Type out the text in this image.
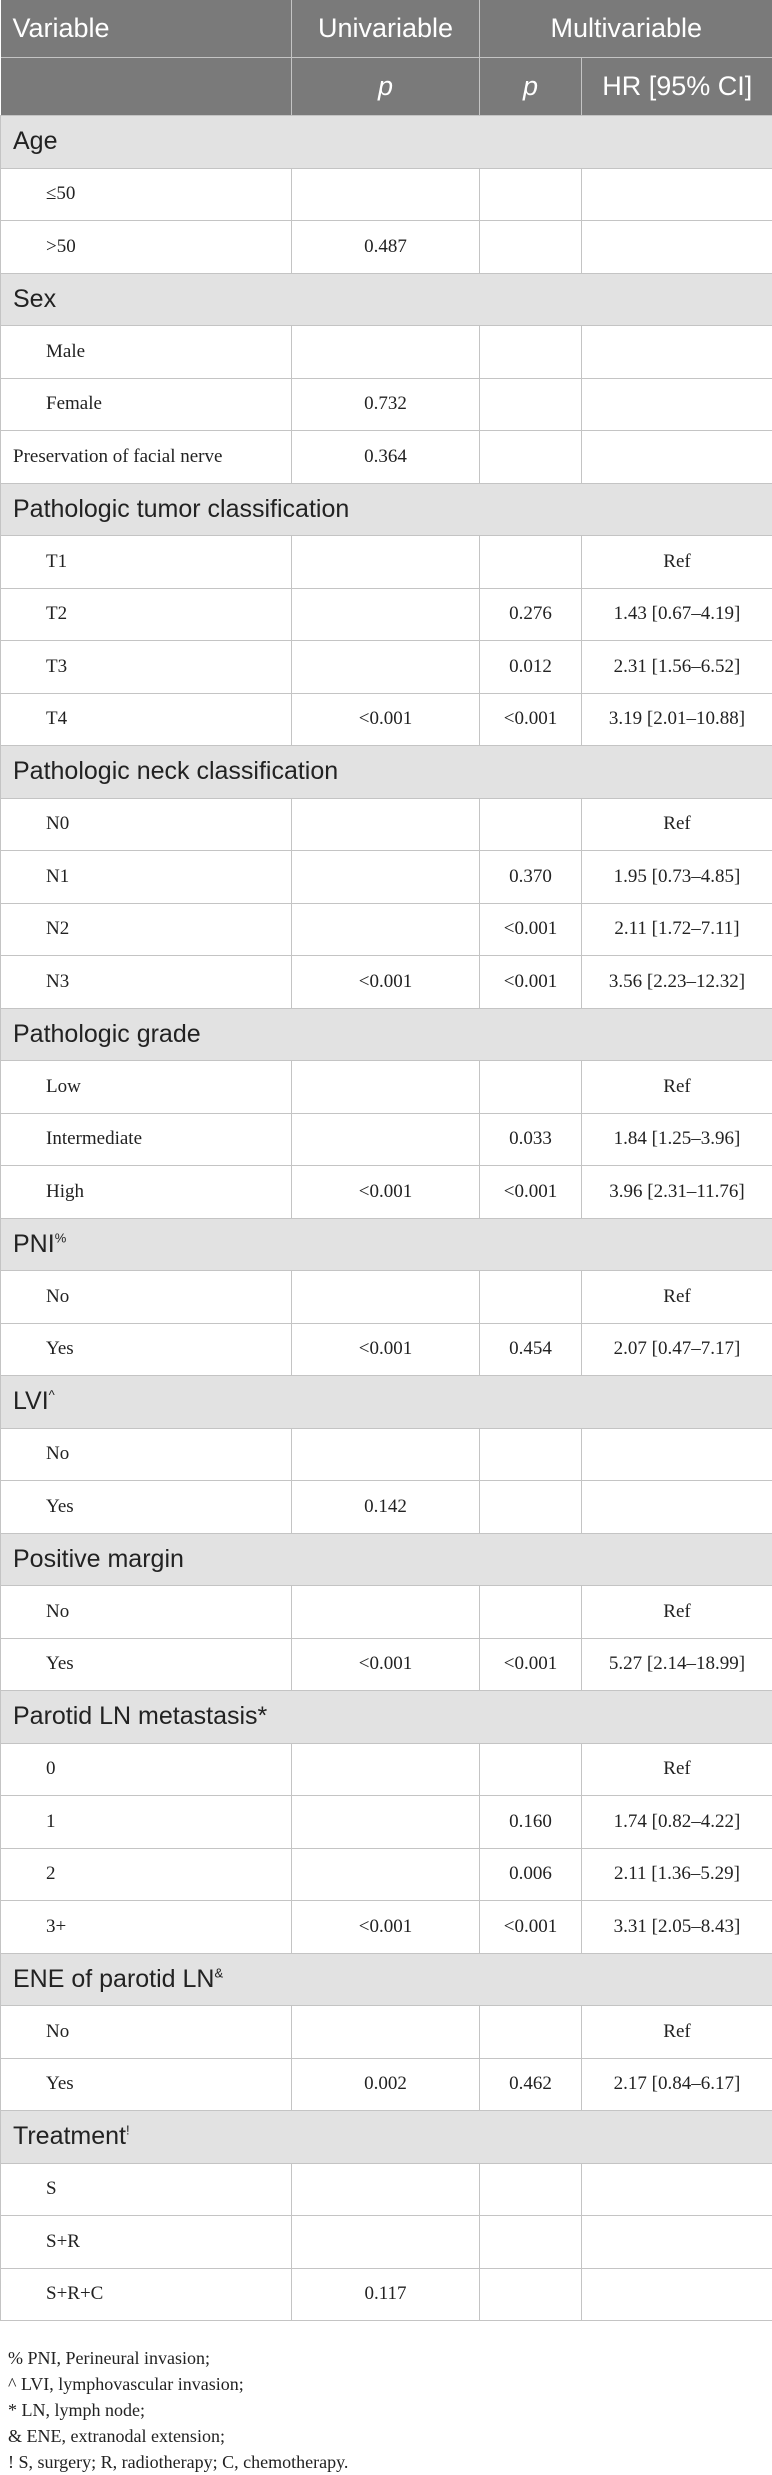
Variable	Univariable	Multivariable	
	p	p	HR [95% CI]
Age			
≤50			
>50	0.487		
Sex			
Male			
Female	0.732		
Preservation of facial nerve	0.364		
Pathologic tumor classification			
T1			Ref
T2		0.276	1.43 [0.67–4.19]
T3		0.012	2.31 [1.56–6.52]
T4	<0.001	<0.001	3.19 [2.01–10.88]
Pathologic neck classification			
N0			Ref
N1		0.370	1.95 [0.73–4.85]
N2		<0.001	2.11 [1.72–7.11]
N3	<0.001	<0.001	3.56 [2.23–12.32]
Pathologic grade			
Low			Ref
Intermediate		0.033	1.84 [1.25–3.96]
High	<0.001	<0.001	3.96 [2.31–11.76]
PNI%
No			Ref
Yes	<0.001	0.454	2.07 [0.47–7.17]
LVI^
No			
Yes	0.142		
Positive margin			
No			Ref
Yes	<0.001	<0.001	5.27 [2.14–18.99]
Parotid LN metastasis*			
0			Ref
1		0.160	1.74 [0.82–4.22]
2		0.006	2.11 [1.36–5.29]
3+	<0.001	<0.001	3.31 [2.05–8.43]
ENE of parotid LN&
No			Ref
Yes	0.002	0.462	2.17 [0.84–6.17]
Treatment!
S			
S+R			
S+R+C	0.117		
% PNI, Perineural invasion;
^ LVI, lymphovascular invasion;
* LN, lymph node;
& ENE, extranodal extension;
! S, surgery; R, radiotherapy; C, chemotherapy.
